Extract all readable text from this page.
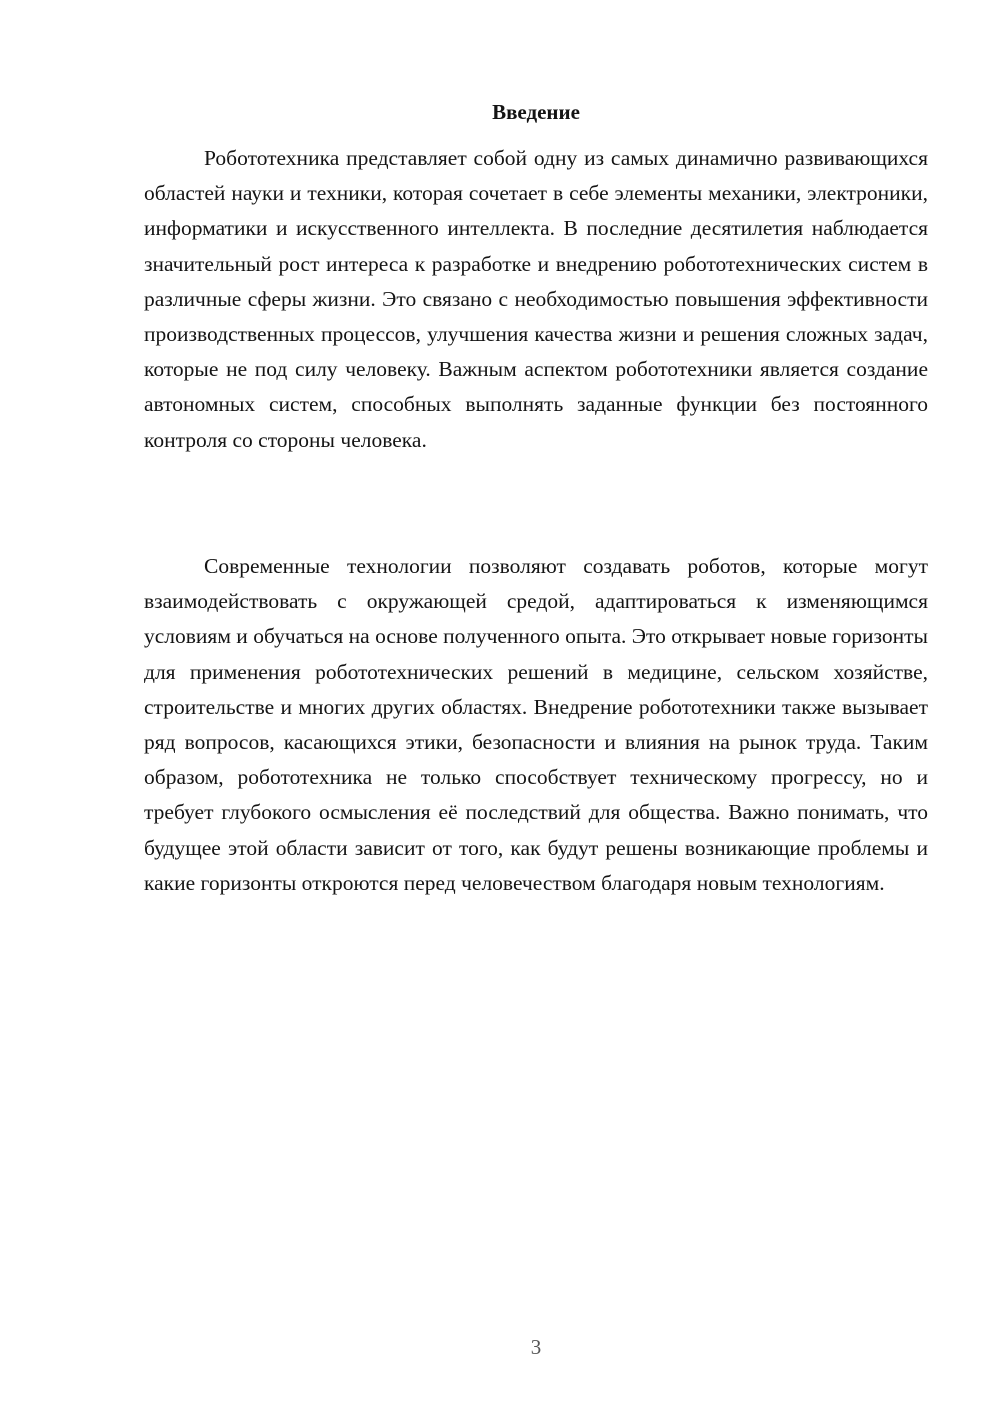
Введение

Робототехника представляет собой одну из самых динамично развивающихся областей науки и техники, которая сочетает в себе элементы механики, электроники, информатики и искусственного интеллекта. В последние десятилетия наблюдается значительный рост интереса к разработке и внедрению робототехнических систем в различные сферы жизни. Это связано с необходимостью повышения эффективности производственных процессов, улучшения качества жизни и решения сложных задач, которые не под силу человеку. Важным аспектом робототехники является создание автономных систем, способных выполнять заданные функции без постоянного контроля со стороны человека.

Современные технологии позволяют создавать роботов, которые могут взаимодействовать с окружающей средой, адаптироваться к изменяющимся условиям и обучаться на основе полученного опыта. Это открывает новые горизонты для применения робототехнических решений в медицине, сельском хозяйстве, строительстве и многих других областях. Внедрение робототехники также вызывает ряд вопросов, касающихся этики, безопасности и влияния на рынок труда. Таким образом, робототехника не только способствует техническому прогрессу, но и требует глубокого осмысления её последствий для общества. Важно понимать, что будущее этой области зависит от того, как будут решены возникающие проблемы и какие горизонты откроются перед человечеством благодаря новым технологиям.

3
